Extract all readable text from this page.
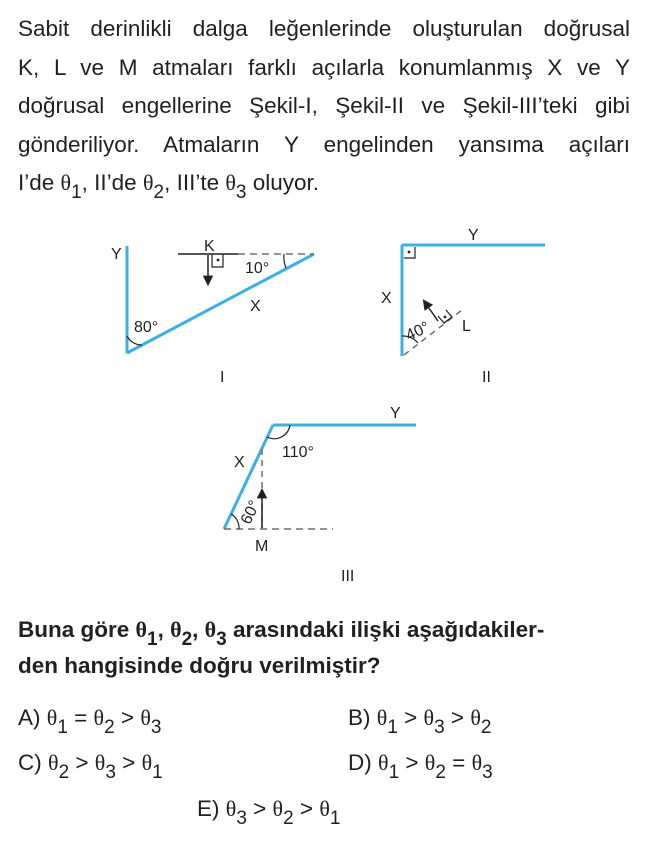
Sabit derinlikli dalga leğenlerinde oluşturulan doğrusal
K, L ve M atmaları farklı açılarla konumlanmış X ve Y
doğrusal engellerine Şekil-I, Şekil-II ve Şekil-III’teki gibi
gönderiliyor. Atmaların Y engelinden yansıma açıları
I’de $\theta_1$, II’de $\theta_2$, III’te $\theta_3$ oluyor.
Y	K
10°
X
80°
I
Y
X
L
40°
II
Y
110°
X
60°
M
III
Buna göre $\theta_1$, $\theta_2$, $\theta_3$ arasındaki ilişki aşağıdakiler-
den hangisinde doğru verilmiştir?
A) $\theta_1 = \theta_2 > \theta_3$	B) $\theta_1 > \theta_3 > \theta_2$
C) $\theta_2 > \theta_3 > \theta_1$	D) $\theta_1 > \theta_2 = \theta_3$
E) $\theta_3 > \theta_2 > \theta_1$
